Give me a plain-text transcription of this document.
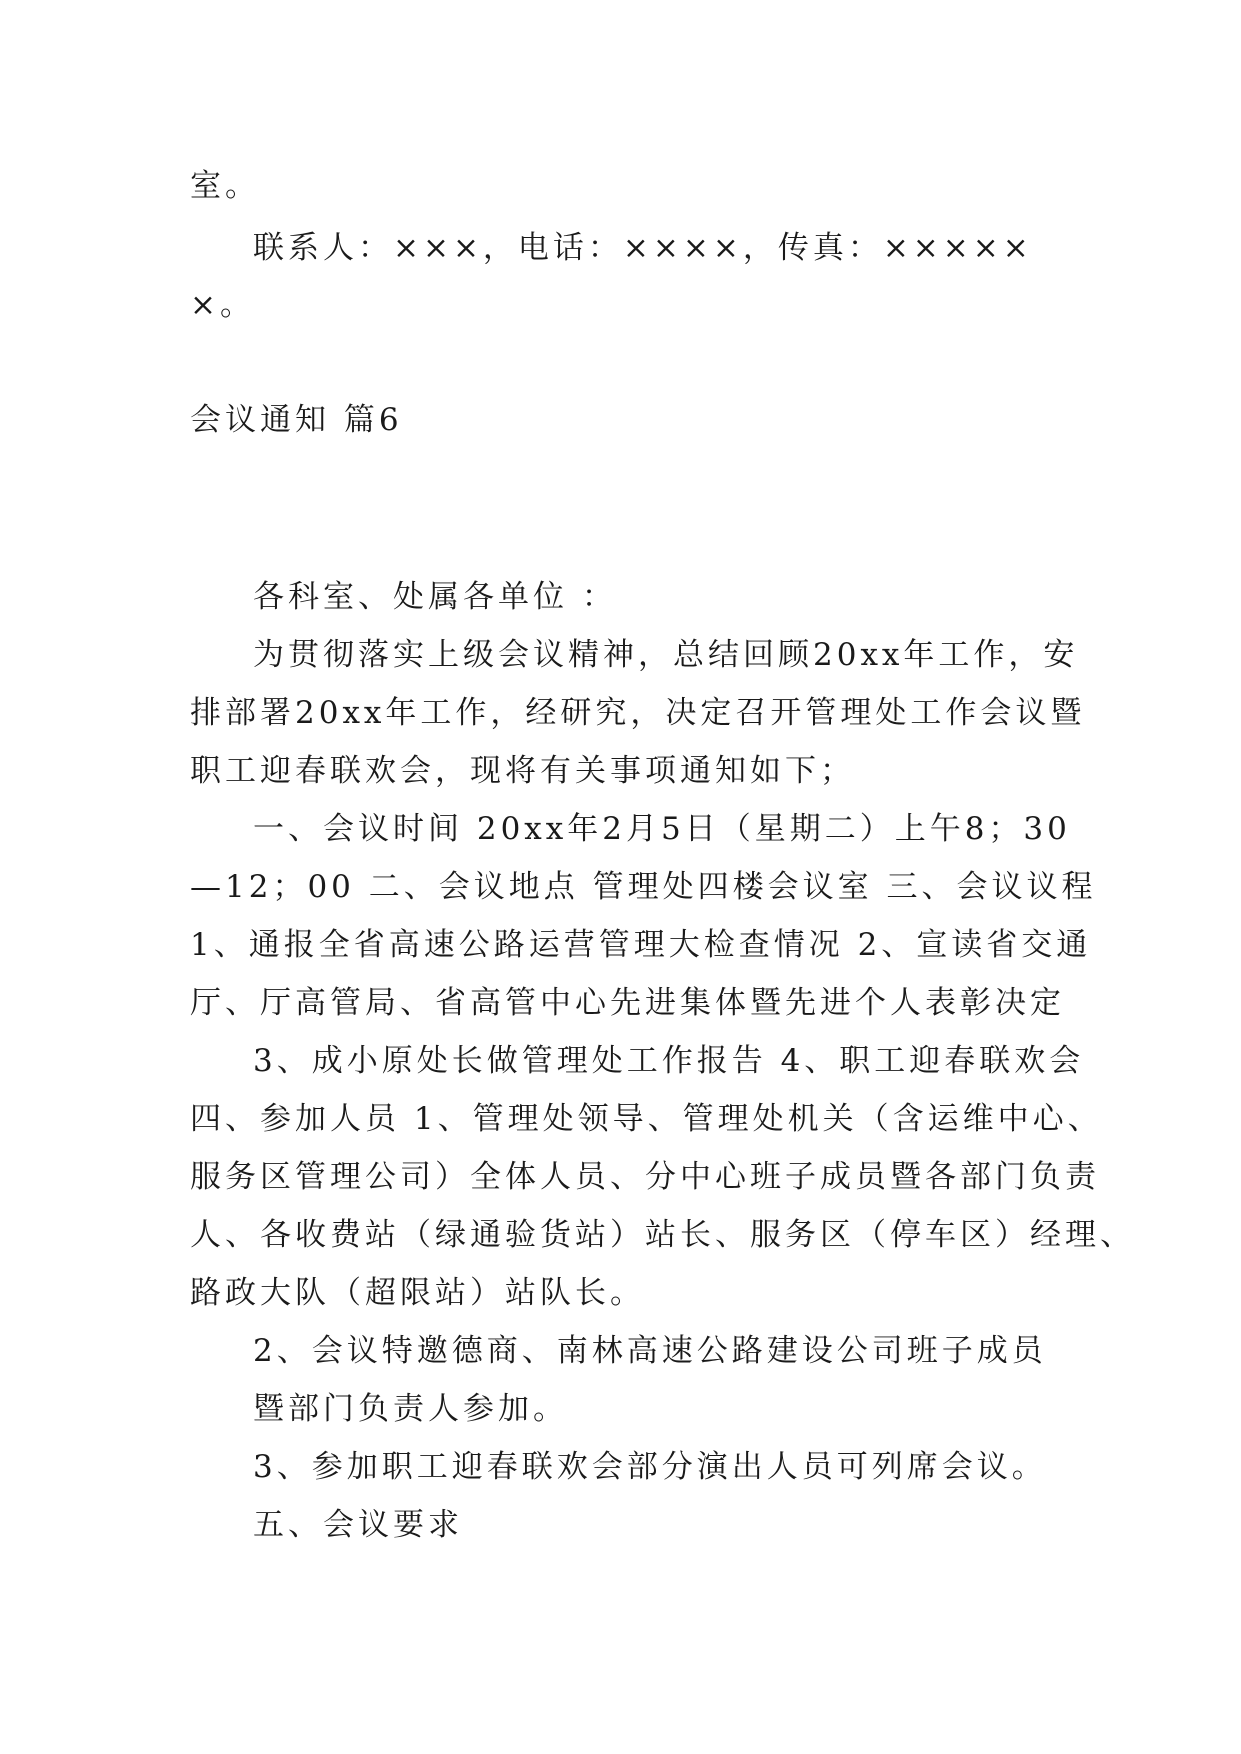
室。

联系人：×××，电话：××××，传真：×××××

×。

会议通知 篇6

各科室、处属各单位 ：

为贯彻落实上级会议精神，总结回顾20xx年工作，安

排部署20xx年工作，经研究，决定召开管理处工作会议暨

职工迎春联欢会，现将有关事项通知如下；

一、会议时间 20xx年2月5日（星期二）上午8；30

—12；00 二、会议地点 管理处四楼会议室 三、会议议程

1、通报全省高速公路运营管理大检查情况 2、宣读省交通

厅、厅高管局、省高管中心先进集体暨先进个人表彰决定

3、成小原处长做管理处工作报告 4、职工迎春联欢会

四、参加人员 1、管理处领导、管理处机关（含运维中心、

服务区管理公司）全体人员、分中心班子成员暨各部门负责

人、各收费站（绿通验货站）站长、服务区（停车区）经理、

路政大队（超限站）站队长。

2、会议特邀德商、南林高速公路建设公司班子成员

暨部门负责人参加。

3、参加职工迎春联欢会部分演出人员可列席会议。

五、会议要求
